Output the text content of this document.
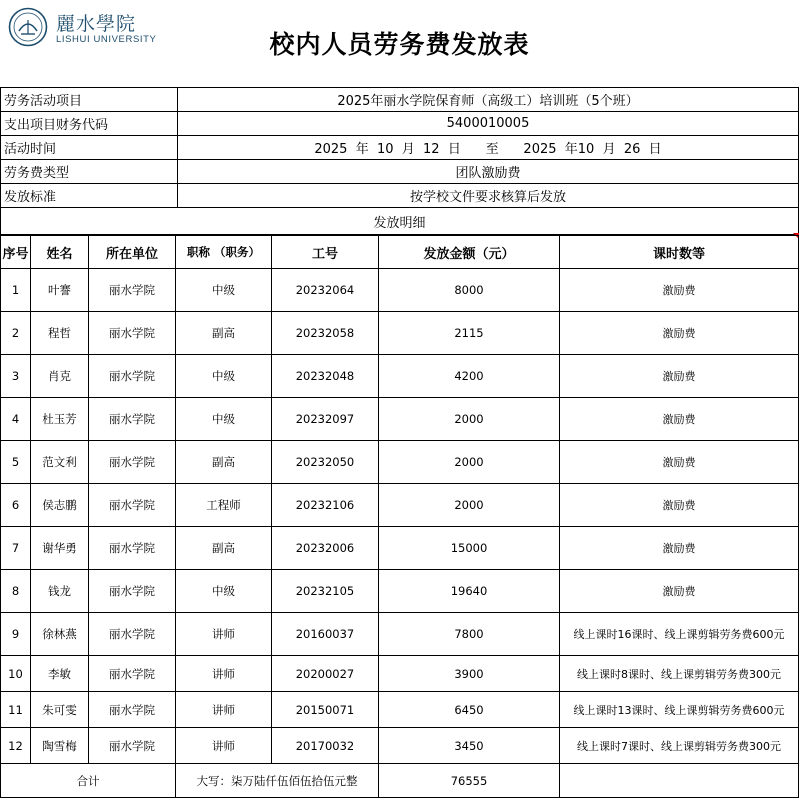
麗水學院
LISHUI UNIVERSITY	校内人员劳务费发放表
劳务活动项目	2025年丽水学院保育师（高级工）培训班（5个班）
支出项目财务代码	5400010005
活动时间	2025  年  10  月  12  日      至      2025  年10  月  26  日
劳务费类型	团队激励费
发放标准	按学校文件要求核算后发放
发放明细	
序号	姓名	所在单位	职称 （职务）	工号	发放金额（元）	课时数等
1	叶謇	丽水学院	中级	20232064	8000	激励费
2	程哲	丽水学院	副高	20232058	2115	激励费
3	肖克	丽水学院	中级	20232048	4200	激励费
4	杜玉芳	丽水学院	中级	20232097	2000	激励费
5	范文利	丽水学院	副高	20232050	2000	激励费
6	侯志鹏	丽水学院	工程师	20232106	2000	激励费
7	谢华勇	丽水学院	副高	20232006	15000	激励费
8	钱龙	丽水学院	中级	20232105	19640	激励费
9	徐林燕	丽水学院	讲师	20160037	7800	线上课时16课时、线上课剪辑劳务费600元
10	李敏	丽水学院	讲师	20200027	3900	线上课时8课时、线上课剪辑劳务费300元
11	朱可雯	丽水学院	讲师	20150071	6450	线上课时13课时、线上课剪辑劳务费600元
12	陶雪梅	丽水学院	讲师	20170032	3450	线上课时7课时、线上课剪辑劳务费300元
合计			大写：柒万陆仟伍佰伍拾伍元整		76555	
